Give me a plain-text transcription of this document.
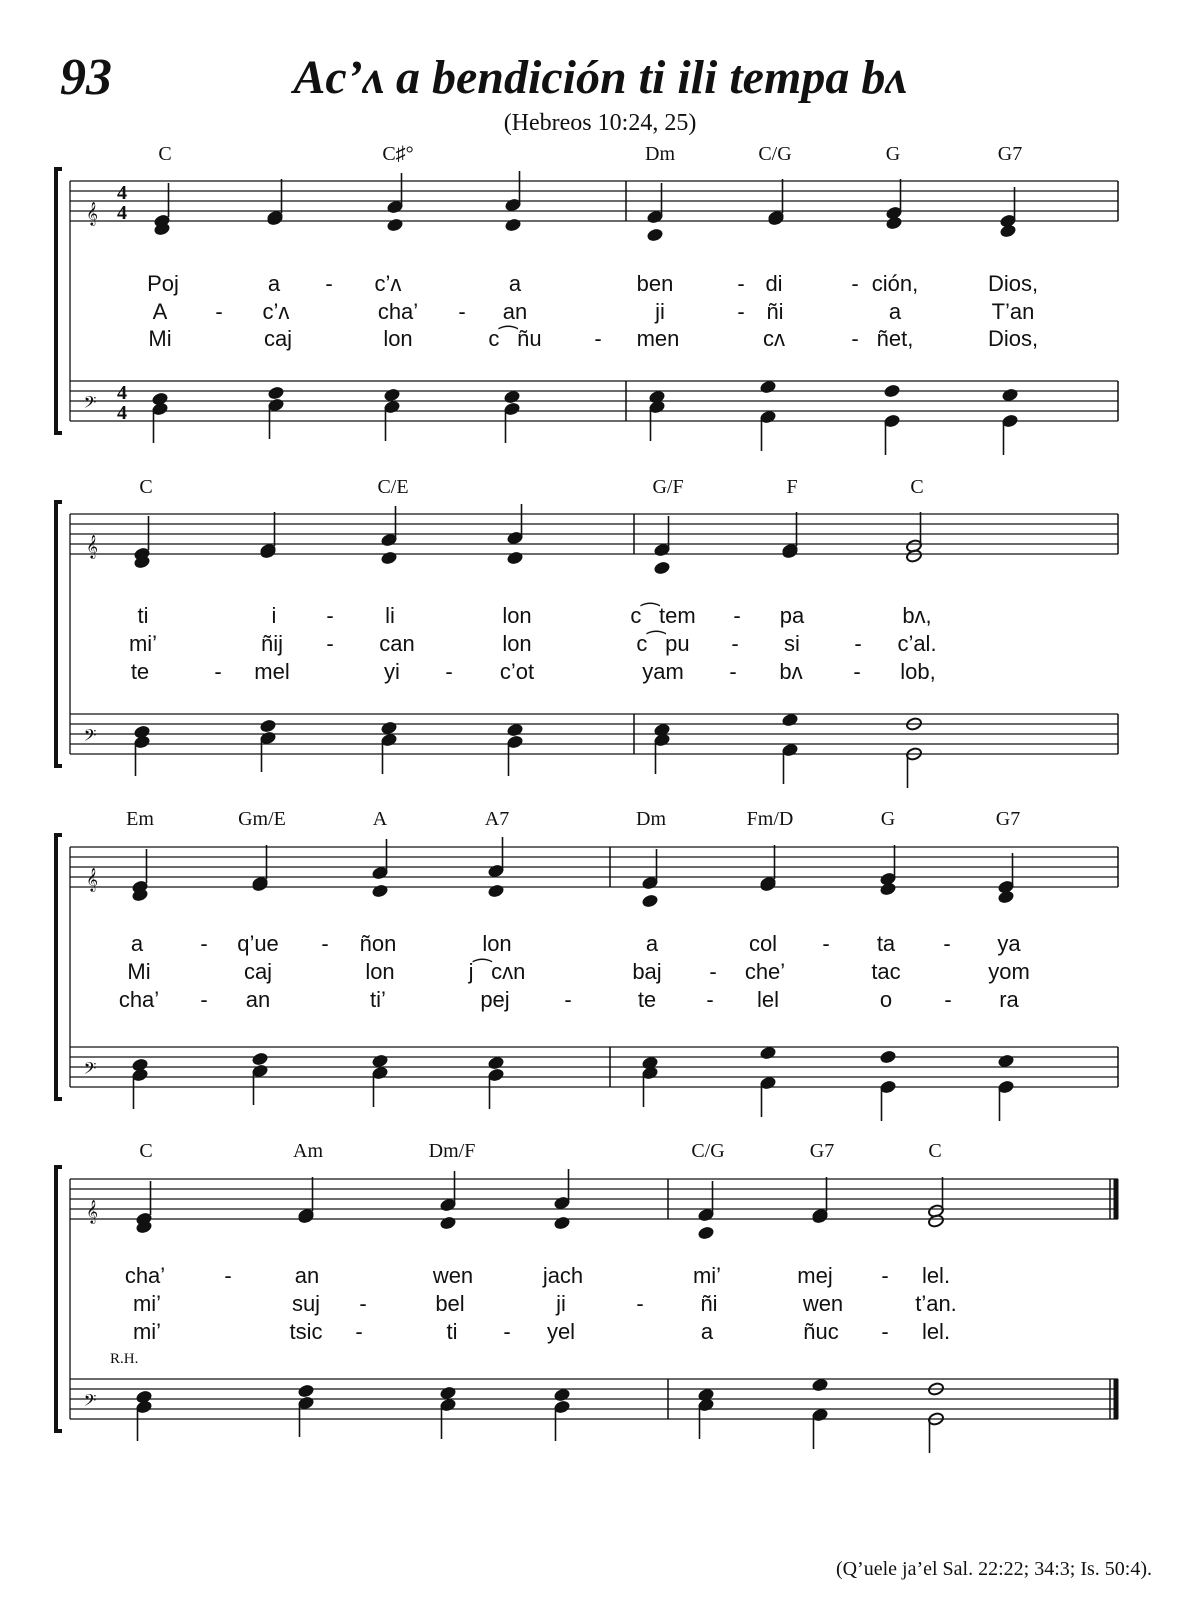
93	Acʼʌ a bendición ti ili tempa bʌ
(Hebreos 10:24, 25)
C	C♯°	Dm	C/G	G	G7
𝄞
𝄢
4
4
4
4
Poj	a - c’ʌ	a	ben	- di	- ción,	Dios,
A - c’ʌ	cha’ - an	ji	- ñi	a	T’an
Mi	caj	lon	c⁀ñu - men	cʌ	- ñet,	Dios,
C	C/E	G/F	F	C
𝄞
𝄢
ti	i - li	lon	c⁀tem - pa	bʌ,
mi’	ñij - can	lon	c⁀pu - si - c’al.
te	- mel	yi - c’ot	yam - bʌ - lob,
Em	Gm/E	A	A7	Dm	Fm/D	G	G7
𝄞
𝄢
a	- q’ue - ñon	lon	a	col - ta - ya
Mi	caj	lon	j⁀cʌn	baj - che’	tac	yom
cha’ - an	ti’	pej -	te - lel	o - ra
C	Am	Dm/F	C/G	G7	C
𝄞
𝄢
cha’	-	an	wen	jach	mi’	mej - lel.
mi’	suj -	bel	ji	-	ñi	wen	t’an.
mi’	tsic -	ti - yel	a	ñuc - lel.
R.H.
(Q’uele ja’el Sal. 22:22; 34:3; Is. 50:4).
